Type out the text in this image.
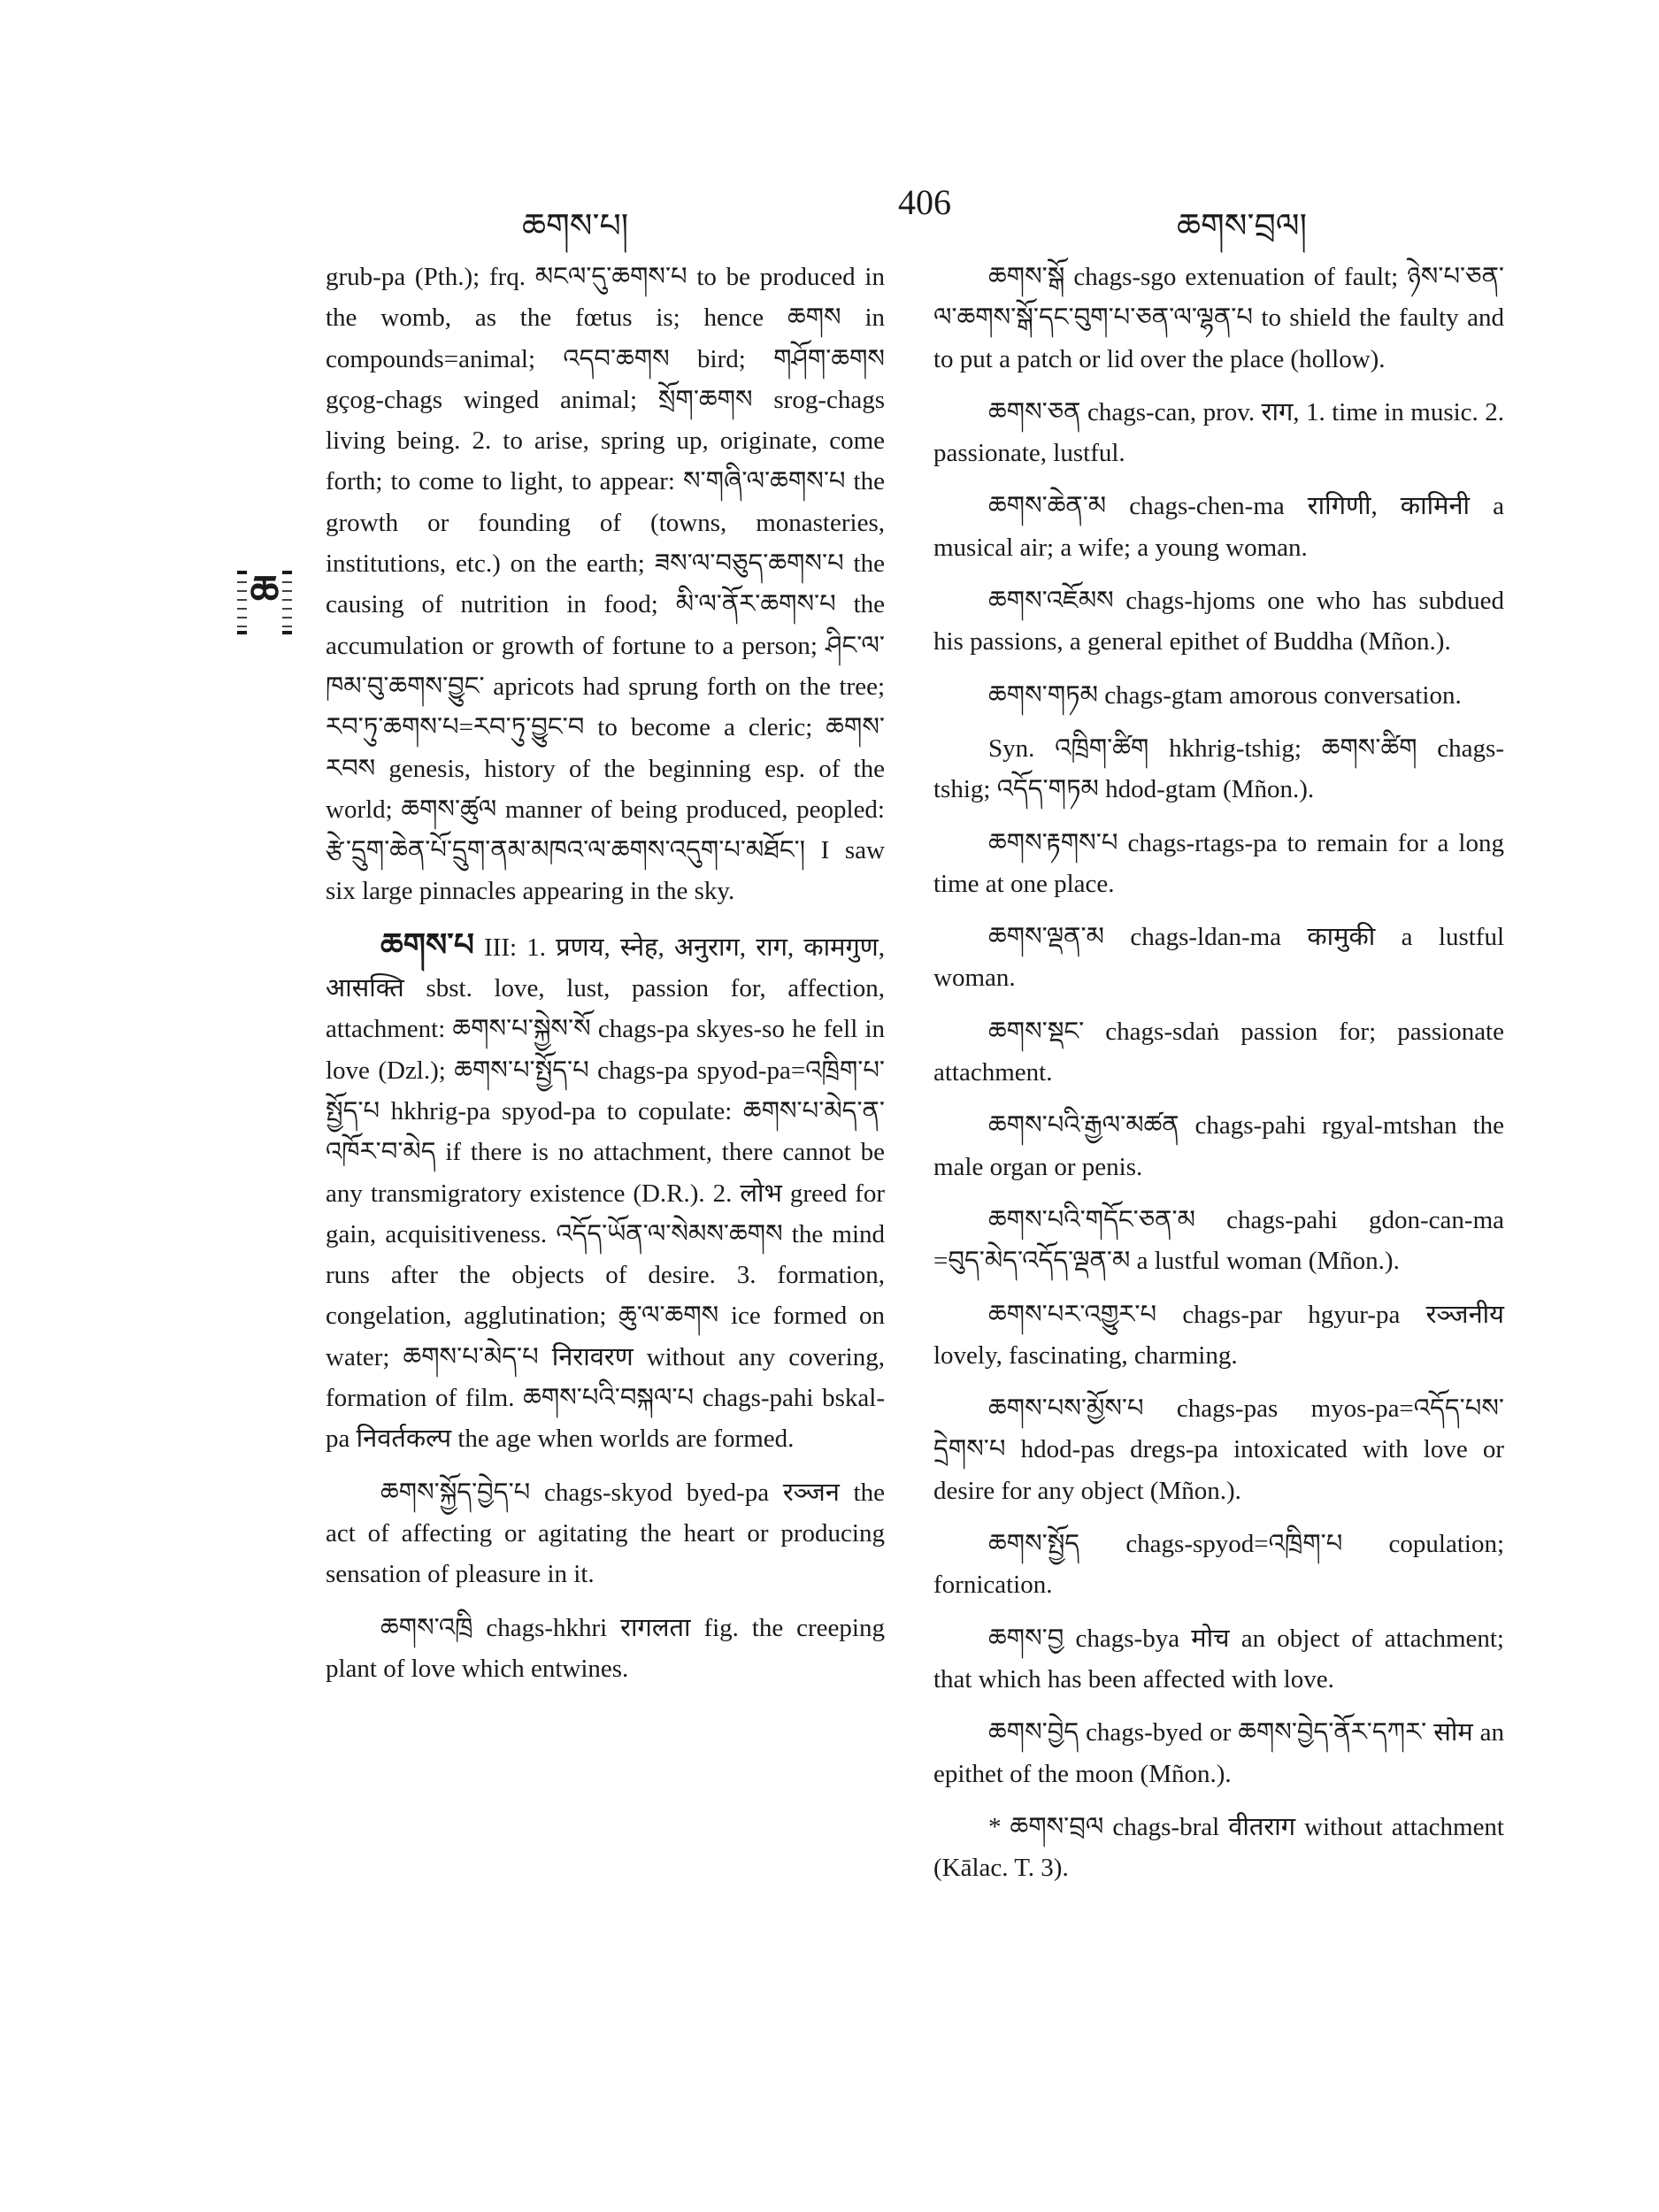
ཆགས་པ།
406
ཆགས་བྲལ།
ཆ

grub-pa (Pth.); frq. མངལ་དུ་ཆགས་པ to be produced in the womb, as the fœtus is; hence ཆགས in compounds=animal; འདབ་ཆགས bird; གཤོག་ཆགས gçog-chags winged animal; སྲོག་ཆགས srog-chags living being. 2. to arise, spring up, originate, come forth; to come to light, to appear: ས་གཞི་ལ་ཆགས་པ the growth or founding of (towns, monasteries, institutions, etc.) on the earth; ཟས་ལ་བཅུད་ཆགས་པ the causing of nutrition in food; མི་ལ་ནོར་ཆགས་པ the accumulation or growth of fortune to a person; ཤིང་ལ་ཁམ་བུ་ཆགས་བྱུང་ apricots had sprung forth on the tree; རབ་ཏུ་ཆགས་པ=རབ་ཏུ་བྱུང་བ to become a cleric; ཆགས་རབས genesis, history of the beginning esp. of the world; ཆགས་ཚུལ manner of being produced, peopled: རྩེ་དྲུག་ཆེན་པོ་དྲུག་ནམ་མཁའ་ལ་ཆགས་འདུག་པ་མཐོང་། I saw six large pinnacles appearing in the sky.

ཆགས་པ III: 1. प्रणय, स्नेह, अनुराग, राग, कामगुण, आसक्ति sbst. love, lust, passion for, affection, attachment: ཆགས་པ་སྐྱེས་སོ chags-pa skyes-so he fell in love (Dzl.); ཆགས་པ་སྤྱོད་པ chags-pa spyod-pa=འཁྲིག་པ་སྤྱོད་པ hkhrig-pa spyod-pa to copulate: ཆགས་པ་མེད་ན་འཁོར་བ་མེད if there is no attachment, there cannot be any transmigratory existence (D.R.). 2. लोभ greed for gain, acquisitiveness. འདོད་ཡོན་ལ་སེམས་ཆགས the mind runs after the objects of desire. 3. formation, congelation, agglutination; ཆུ་ལ་ཆགས ice formed on water; ཆགས་པ་མེད་པ निरावरण without any covering, formation of film. ཆགས་པའི་བསྐལ་པ chags-pahi bskal-pa निवर्तकल्प the age when worlds are formed.

ཆགས་སྐྱོད་བྱེད་པ chags-skyod byed-pa रञ्जन the act of affecting or agitating the heart or producing sensation of pleasure in it.

ཆགས་འཁྲི chags-hkhri रागलता fig. the creeping plant of love which entwines.

ཆགས་སྒོ chags-sgo extenuation of fault; ཉེས་པ་ཅན་ལ་ཆགས་སྒོ་དང་བུག་པ་ཅན་ལ་ལྷན་པ to shield the faulty and to put a patch or lid over the place (hollow).

ཆགས་ཅན chags-can, prov. राग, 1. time in music. 2. passionate, lustful.

ཆགས་ཆེན་མ chags-chen-ma रागिणी, कामिनी a musical air; a wife; a young woman.

ཆགས་འཇོམས chags-hjoms one who has subdued his passions, a general epithet of Buddha (Mñon.).

ཆགས་གཏམ chags-gtam amorous conversation.

Syn. འཁྲིག་ཚིག hkhrig-tshig; ཆགས་ཚིག chags-tshig; འདོད་གཏམ hdod-gtam (Mñon.).

ཆགས་རྟགས་པ chags-rtags-pa to remain for a long time at one place.

ཆགས་ལྡན་མ chags-ldan-ma कामुकी a lustful woman.

ཆགས་སྡང་ chags-sdaṅ passion for; passionate attachment.

ཆགས་པའི་རྒྱལ་མཚན chags-pahi rgyal-mtshan the male organ or penis.

ཆགས་པའི་གདོང་ཅན་མ chags-pahi gdon-can-ma =བུད་མེད་འདོད་ལྡན་མ a lustful woman (Mñon.).

ཆགས་པར་འགྱུར་པ chags-par hgyur-pa रञ्जनीय lovely, fascinating, charming.

ཆགས་པས་མྱོས་པ chags-pas myos-pa=འདོད་པས་དྲེགས་པ hdod-pas dregs-pa intoxicated with love or desire for any object (Mñon.).

ཆགས་སྤྱོད chags-spyod=འཁྲིག་པ copulation; fornication.

ཆགས་བྱ chags-bya मोच an object of attachment; that which has been affected with love.

ཆགས་བྱེད chags-byed or ཆགས་བྱེད་ནོར་དཀར་ सोम an epithet of the moon (Mñon.).

* ཆགས་བྲལ chags-bral वीतराग without attachment (Kālac. T. 3).
